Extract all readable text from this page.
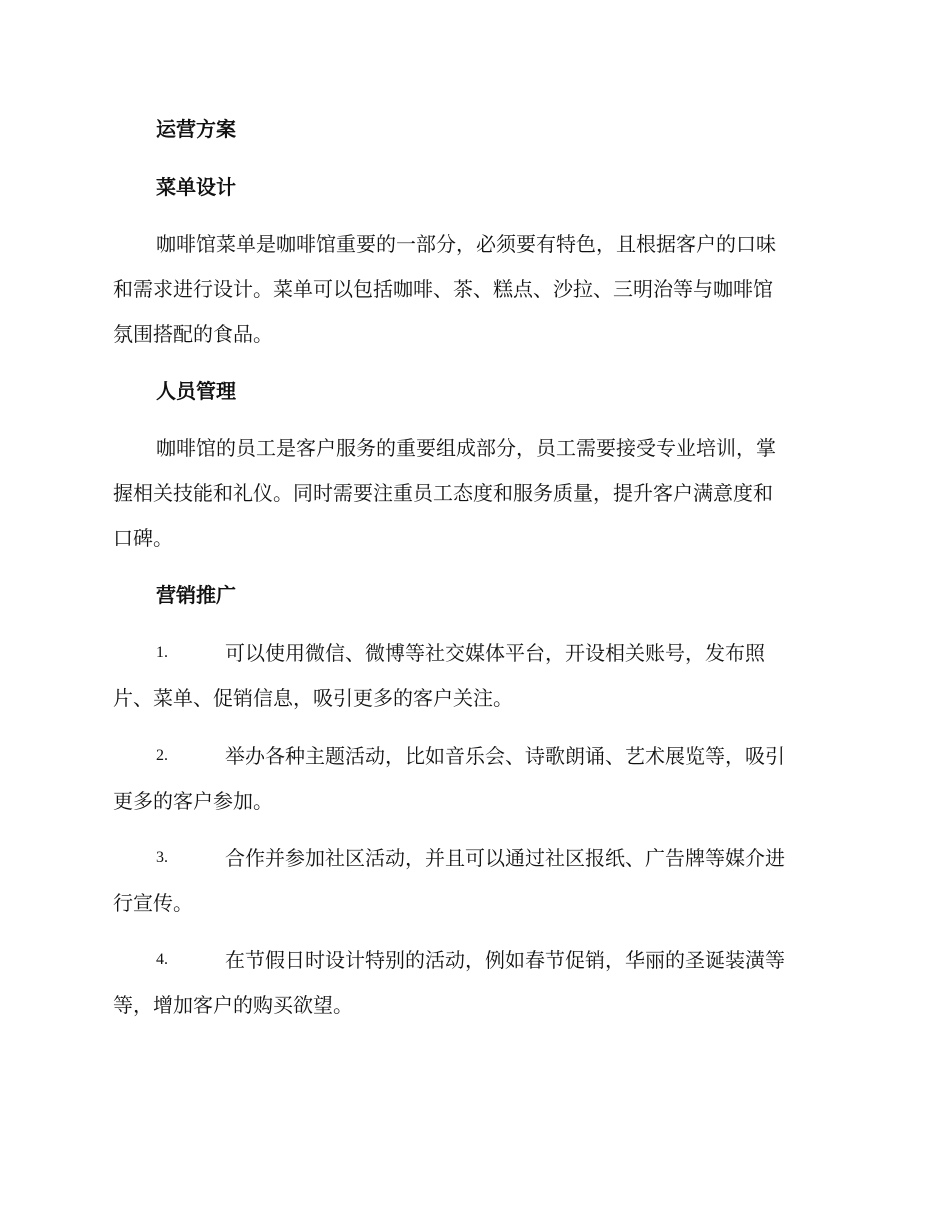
运营方案
菜单设计
咖啡馆菜单是咖啡馆重要的一部分，必须要有特色，且根据客户的口味
和需求进行设计。菜单可以包括咖啡、茶、糕点、沙拉、三明治等与咖啡馆
氛围搭配的食品。
人员管理
咖啡馆的员工是客户服务的重要组成部分，员工需要接受专业培训，掌
握相关技能和礼仪。同时需要注重员工态度和服务质量，提升客户满意度和
口碑。
营销推广
1.	可以使用微信、微博等社交媒体平台，开设相关账号，发布照
片、菜单、促销信息，吸引更多的客户关注。
2.	举办各种主题活动，比如音乐会、诗歌朗诵、艺术展览等，吸引
更多的客户参加。
3.	合作并参加社区活动，并且可以通过社区报纸、广告牌等媒介进
行宣传。
4.	在节假日时设计特别的活动，例如春节促销，华丽的圣诞装潢等
等，增加客户的购买欲望。
